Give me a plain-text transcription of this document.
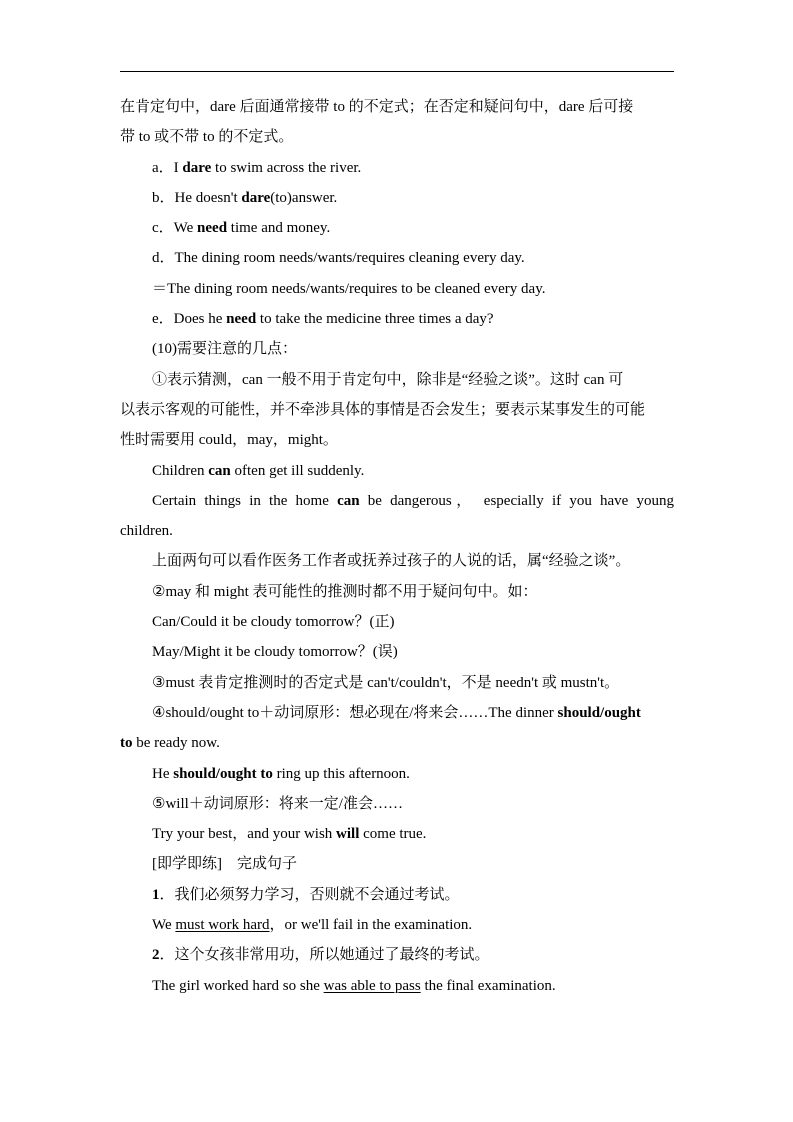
在肯定句中，dare 后面通常接带 to 的不定式；在否定和疑问句中，dare 后可接
带 to 或不带 to 的不定式。
a．I dare to swim across the river.
b．He doesn't dare(to)answer.
c．We need time and money.
d．The dining room needs/wants/requires cleaning every day.
＝The dining room needs/wants/requires to be cleaned every day.
e．Does he need to take the medicine three times a day?
(10)需要注意的几点：
①表示猜测，can 一般不用于肯定句中，除非是“经验之谈”。这时 can 可
以表示客观的可能性，并不牵涉具体的事情是否会发生；要表示某事发生的可能
性时需要用 could，may，might。
Children can often get ill suddenly.
Certain things in the home can be dangerous， especially if you have young
children.
上面两句可以看作医务工作者或抚养过孩子的人说的话，属“经验之谈”。
②may 和 might 表可能性的推测时都不用于疑问句中。如：
Can/Could it be cloudy tomorrow？(正)
May/Might it be cloudy tomorrow？(误)
③must 表肯定推测时的否定式是 can't/couldn't，不是 needn't 或 mustn't。
④should/ought to＋动词原形：想必现在/将来会……The dinner should/ought
to be ready now.
He should/ought to ring up this afternoon.
⑤will＋动词原形：将来一定/准会……
Try your best，and your wish will come true.
[即学即练]　完成句子
1．我们必须努力学习，否则就不会通过考试。
We must work hard，or we'll fail in the examination.
2．这个女孩非常用功，所以她通过了最终的考试。
The girl worked hard so she was able to pass the final examination.
